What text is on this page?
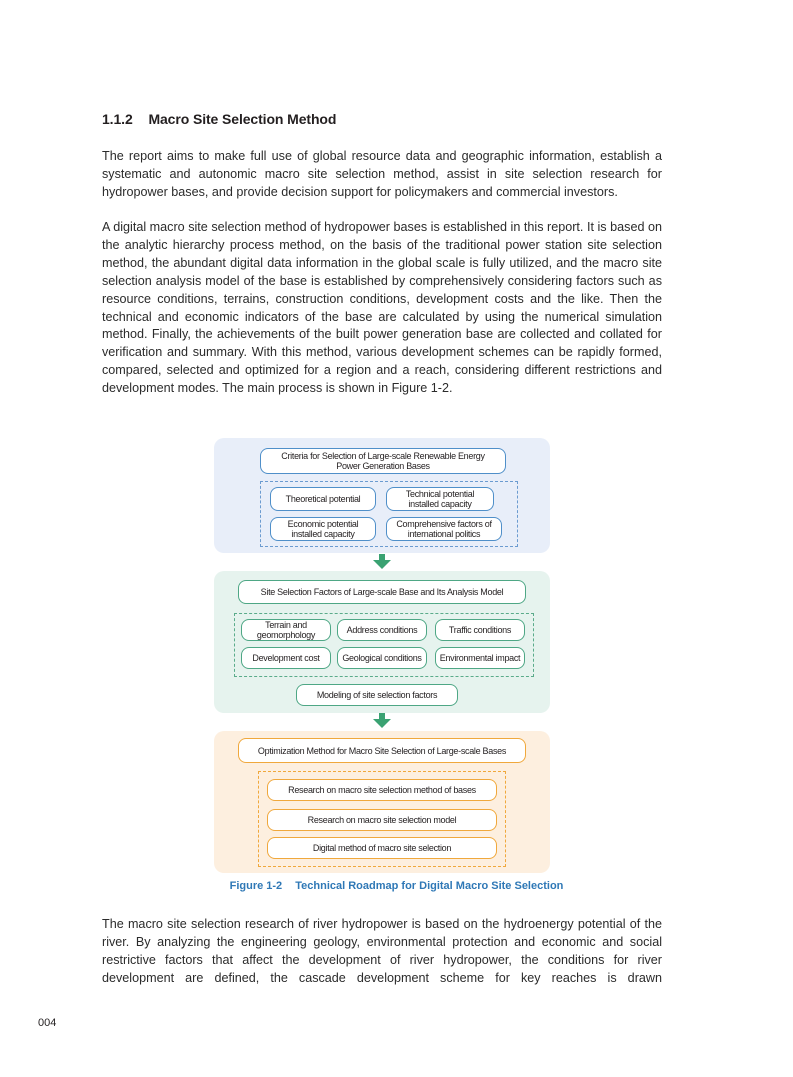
1.1.2 Macro Site Selection Method

The report aims to make full use of global resource data and geographic information, establish a systematic and autonomic macro site selection method, assist in site selection research for hydropower bases, and provide decision support for policymakers and commercial investors.

A digital macro site selection method of hydropower bases is established in this report. It is based on the analytic hierarchy process method, on the basis of the traditional power station site selection method, the abundant digital data information in the global scale is fully utilized, and the macro site selection analysis model of the base is established by comprehensively considering factors such as resource conditions, terrains, construction conditions, development costs and the like. Then the technical and economic indicators of the base are calculated by using the numerical simulation method. Finally, the achievements of the built power generation base are collected and collated for verification and summary. With this method, various development schemes can be rapidly formed, compared, selected and optimized for a region and a reach, considering different restrictions and development modes. The main process is shown in Figure 1-2.

Criteria for Selection of Large-scale Renewable Energy Power Generation Bases
Theoretical potential	Technical potential installed capacity
Economic potential installed capacity
Comprehensive factors of international politics
Site Selection Factors of Large-scale Base and Its Analysis Model
Terrain and geomorphology	Address conditions	Traffic conditions
Development cost	Geological conditions Environmental impact
Modeling of site selection factors
Optimization Method for Macro Site Selection of Large-scale Bases
Research on macro site selection method of bases
Research on macro site selection model
Digital method of macro site selection
Figure 1-2 Technical Roadmap for Digital Macro Site Selection

The macro site selection research of river hydropower is based on the hydroenergy potential of the river. By analyzing the engineering geology, environmental protection and economic and social restrictive factors that affect the development of river hydropower, the conditions for river development are defined, the cascade development scheme for key reaches is drawn

004
